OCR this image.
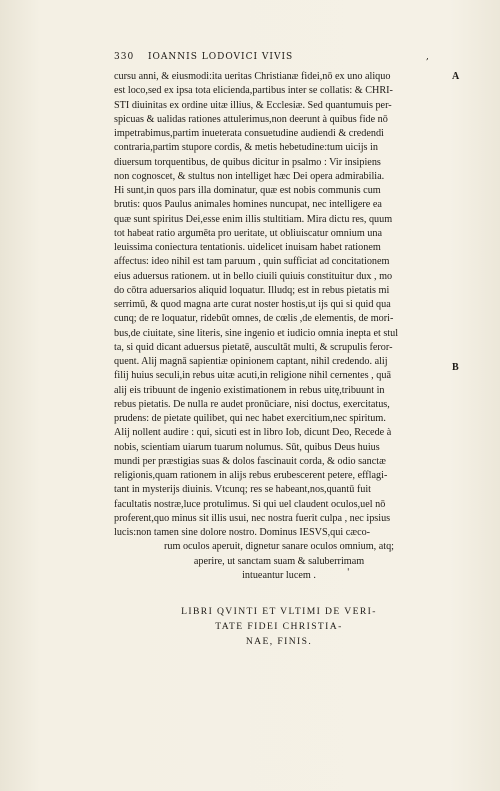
330 IOANNIS LODOVICI VIVIS	,
A
B

cursu anni, & eiusmodi:ita ueritas Christianæ fidei,nō ex uno aliquo

est loco,sed ex ipsa tota elicienda,partibus inter se collatis: & CHRI-

STI diuinitas ex ordine uitæ illius, & Ecclesiæ. Sed quantumuis per-

spicuas & ualidas rationes attulerimus,non deerunt à quibus fide nō

impetrabimus,partim inueterata consuetudine audiendi & credendi

contraria,partim stupore cordis, & metis hebetudine:tum uicijs in

diuersum torquentibus, de quibus dicitur in psalmo : Vir insipiens

non cognoscet, & stultus non intelliget hæc Dei opera admirabilia.

Hi sunt,in quos pars illa dominatur, quæ est nobis communis cum

brutis: quos Paulus animales homines nuncupat, nec intelligere ea

quæ sunt spiritus Dei,esse enim illis stultitiam. Mira dictu res, quum

tot habeat ratio argumēta pro ueritate, ut obliuiscatur omnium una

leuissima coniectura tentationis. uidelicet inuisam habet rationem

affectus: ideo nihil est tam paruum , quin sufficiat ad concitationem

eius aduersus rationem. ut in bello ciuili quiuis constituitur dux , mo

do cōtra aduersarios aliquid loquatur. Illudq; est in rebus pietatis mi

serrimū, & quod magna arte curat noster hostis,ut ijs qui si quid qua

cunq; de re loquatur, ridebūt omnes, de cœlis ,de elementis, de mori-

bus,de ciuitate, sine literis, sine ingenio et iudicio omnia inepta et stul

ta, si quid dicant aduersus pietatē, auscultāt multi, & scrupulis feror-

quent. Alij magnā sapientiæ opinionem captant, nihil credendo. alij

filij huius seculi,in rebus uitæ acuti,in religione nihil cernentes , quā

alij eis tribuunt de ingenio existimationem in rebus uitę,tribuunt in

rebus pietatis. De nulla re audet pronūciare, nisi doctus, exercitatus,

prudens: de pietate quilibet, qui nec habet exercitium,nec spiritum.

Alij nollent audire : qui, sicuti est in libro Iob, dicunt Deo, Recede à

nobis, scientiam uiarum tuarum nolumus. Sūt, quibus Deus huius

mundi per præstigias suas & dolos fascinauit corda, & odio sanctæ

religionis,quam rationem in alijs rebus erubescerent petere, efflagi-

tant in mysterijs diuinis. Vtcunq; res se habeant,nos,quantū fuit

facultatis nostræ,luce protulimus. Si qui uel claudent oculos,uel nō

proferent,quo minus sit illis usui, nec nostra fuerit culpa , nec ipsius

lucis:non tamen sine dolore nostro. Dominus IESVS,qui cæco-

rum oculos aperuit, dignetur sanare oculos omnium, atq;

aperire, ut sanctam suam & saluberrimam

intueantur lucem .	'

LIBRI QVINTI ET VLTIMI DE VERI-

TATE FIDEI CHRISTIA-

NAE, FINIS.
